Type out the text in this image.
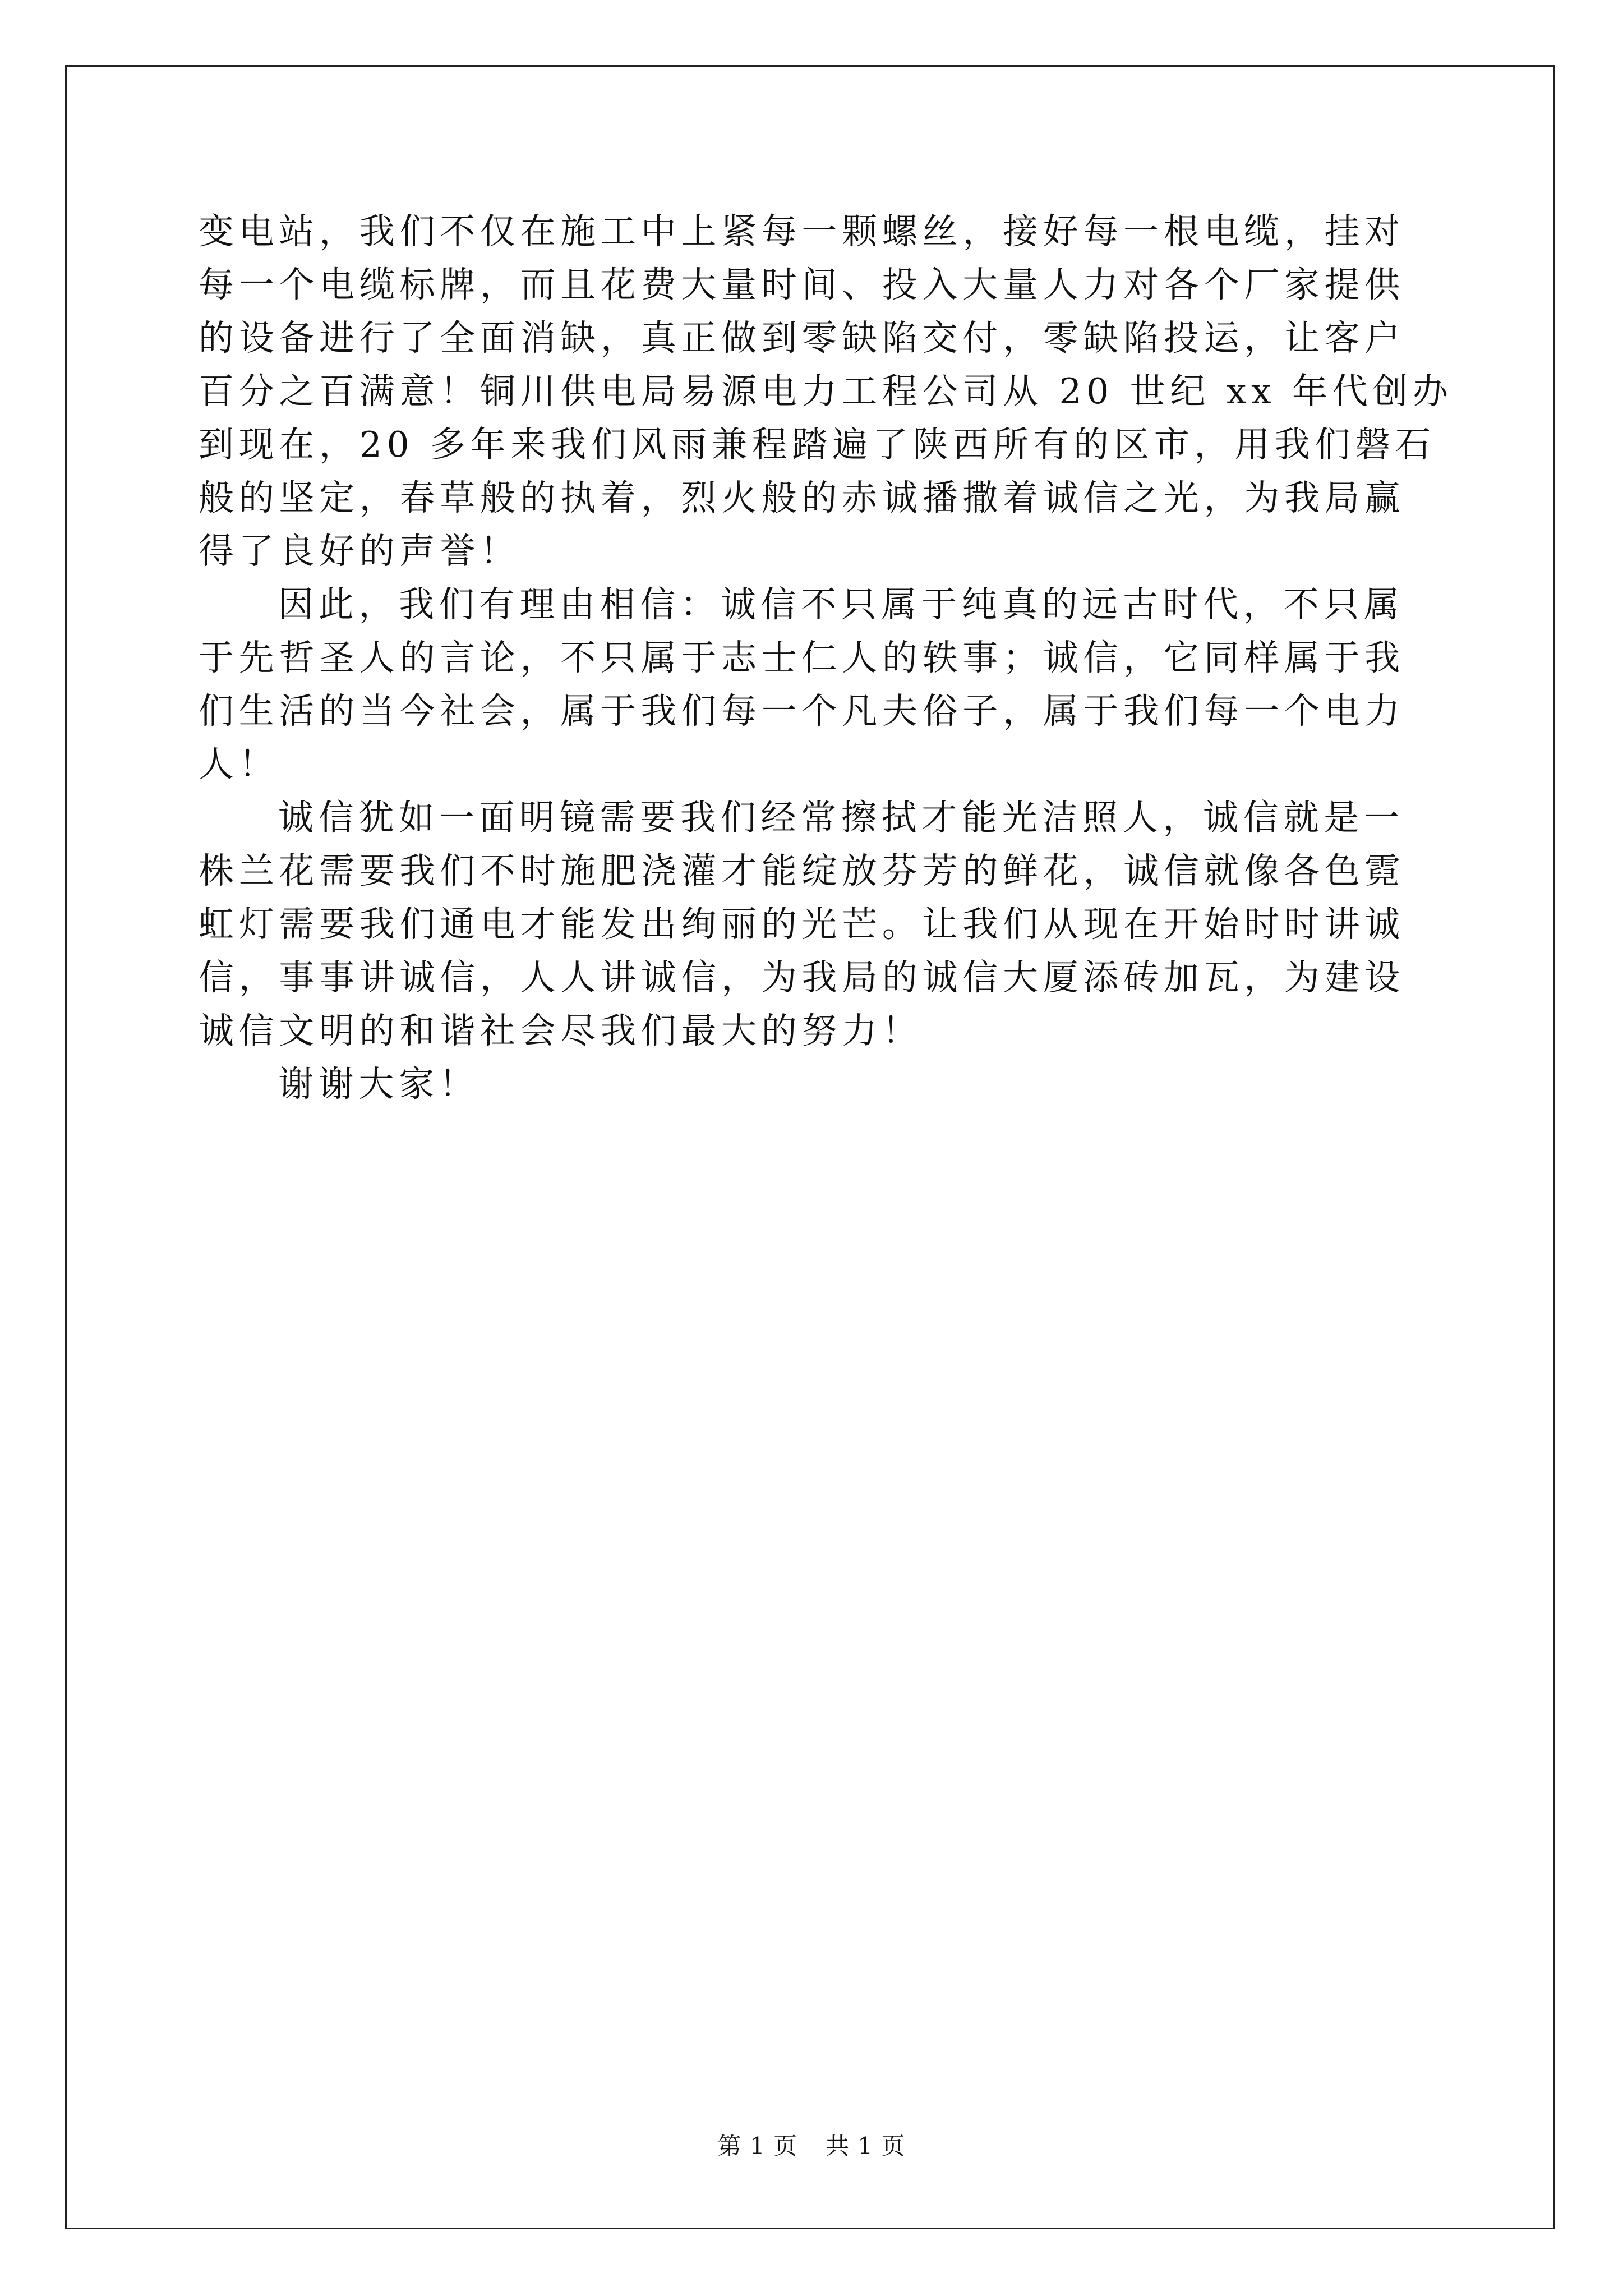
变电站，我们不仅在施工中上紧每一颗螺丝，接好每一根电缆，挂对

每一个电缆标牌，而且花费大量时间、投入大量人力对各个厂家提供

的设备进行了全面消缺，真正做到零缺陷交付，零缺陷投运，让客户

百分之百满意！铜川供电局易源电力工程公司从 20 世纪 xx 年代创办

到现在，20 多年来我们风雨兼程踏遍了陕西所有的区市，用我们磐石

般的坚定，春草般的执着，烈火般的赤诚播撒着诚信之光，为我局赢

得了良好的声誉！

因此，我们有理由相信：诚信不只属于纯真的远古时代，不只属

于先哲圣人的言论，不只属于志士仁人的轶事；诚信，它同样属于我

们生活的当今社会，属于我们每一个凡夫俗子，属于我们每一个电力

人！

诚信犹如一面明镜需要我们经常擦拭才能光洁照人，诚信就是一

株兰花需要我们不时施肥浇灌才能绽放芬芳的鲜花，诚信就像各色霓

虹灯需要我们通电才能发出绚丽的光芒。让我们从现在开始时时讲诚

信，事事讲诚信，人人讲诚信，为我局的诚信大厦添砖加瓦，为建设

诚信文明的和谐社会尽我们最大的努力！

谢谢大家！

第 1 页 共 1 页
